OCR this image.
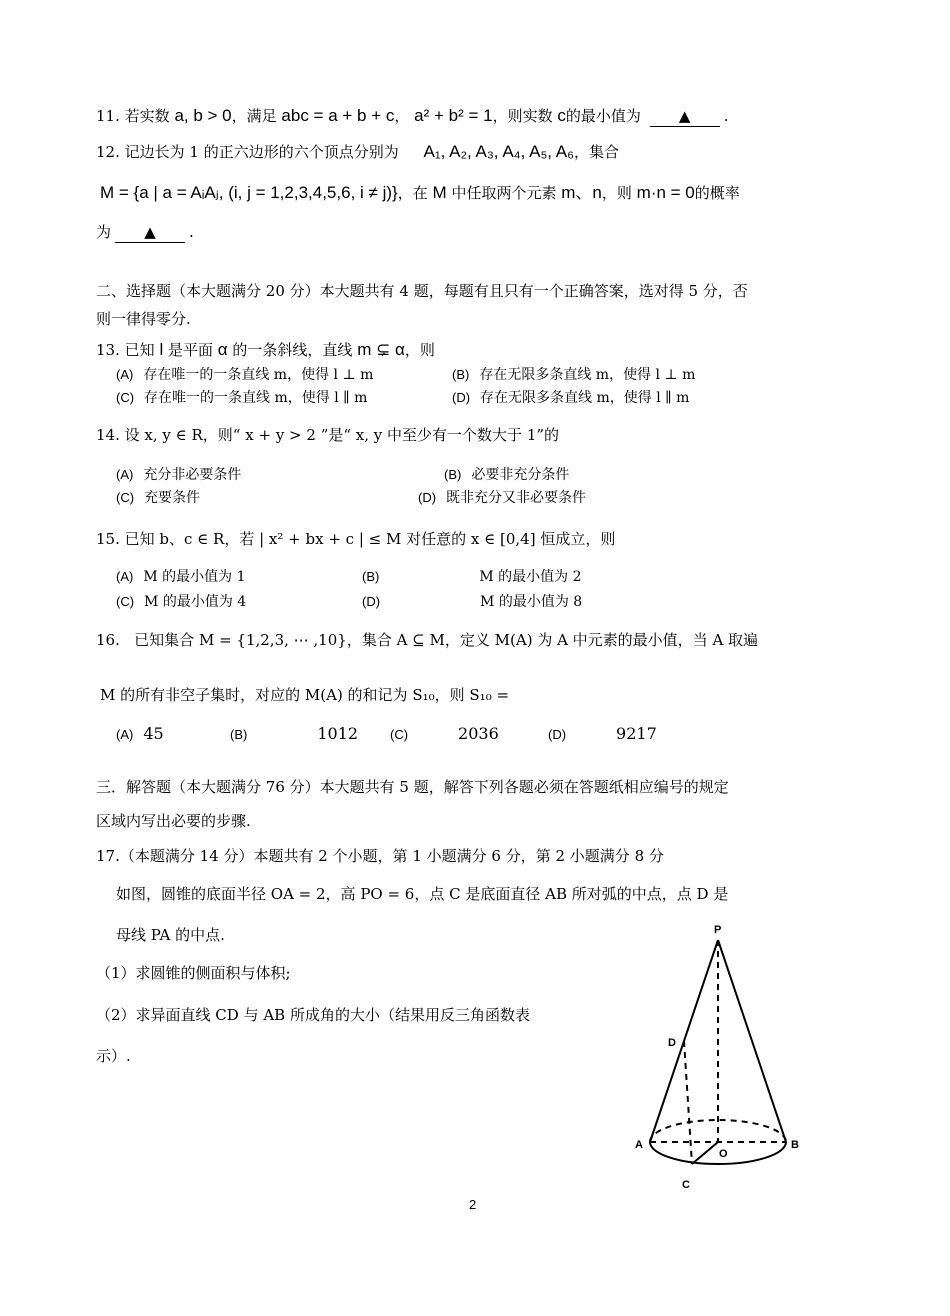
11. 若实数 a, b > 0，满足 abc = a + b + c， a² + b² = 1，则实数 c的最小值为	▲ .
12. 记边长为 1 的正六边形的六个顶点分别为 A₁, A₂, A₃, A₄, A₅, A₆，集合
M = {a | a = AᵢAⱼ, (i, j = 1,2,3,4,5,6, i ≠ j)}，在 M 中任取两个元素 m、n，则 m·n = 0的概率
为 ▲ .
二、选择题（本大题满分 20 分）本大题共有 4 题，每题有且只有一个正确答案，选对得 5 分，否
则一律得零分.
13. 已知 l 是平面 α 的一条斜线，直线 m ⊊ α，则
(A) 存在唯一的一条直线 m，使得 l ⊥ m	(B) 存在无限多条直线 m，使得 l ⊥ m
(C) 存在唯一的一条直线 m，使得 l ∥ m	(D) 存在无限多条直线 m，使得 l ∥ m
14. 设 x, y ∈ R，则“ x + y > 2 ”是“ x, y 中至少有一个数大于 1”的
(A) 充分非必要条件	(B) 必要非充分条件
(C) 充要条件	(D) 既非充分又非必要条件
15. 已知 b、c ∈ R，若 | x² + bx + c | ≤ M 对任意的 x ∈ [0,4] 恒成立，则
(A) M 的最小值为 1	(B)	M 的最小值为 2
(C) M 的最小值为 4	(D)	M 的最小值为 8
16. 已知集合 M = {1,2,3, ⋯ ,10}，集合 A ⊆ M，定义 M(A) 为 A 中元素的最小值，当 A 取遍
M 的所有非空子集时，对应的 M(A) 的和记为 S₁₀，则 S₁₀ =
(A) 45	(B)	1012 (C)	2036	(D)	9217
三．解答题（本大题满分 76 分）本大题共有 5 题，解答下列各题必须在答题纸相应编号的规定
区域内写出必要的步骤.
17.（本题满分 14 分）本题共有 2 个小题，第 1 小题满分 6 分，第 2 小题满分 8 分
如图，圆锥的底面半径 OA = 2，高 PO = 6，点 C 是底面直径 AB 所对弧的中点，点 D 是
母线 PA 的中点.
（1）求圆锥的侧面积与体积;
（2）求异面直线 CD 与 AB 所成角的大小（结果用反三角函数表
示）.
P
D
A	B
O
C
2
